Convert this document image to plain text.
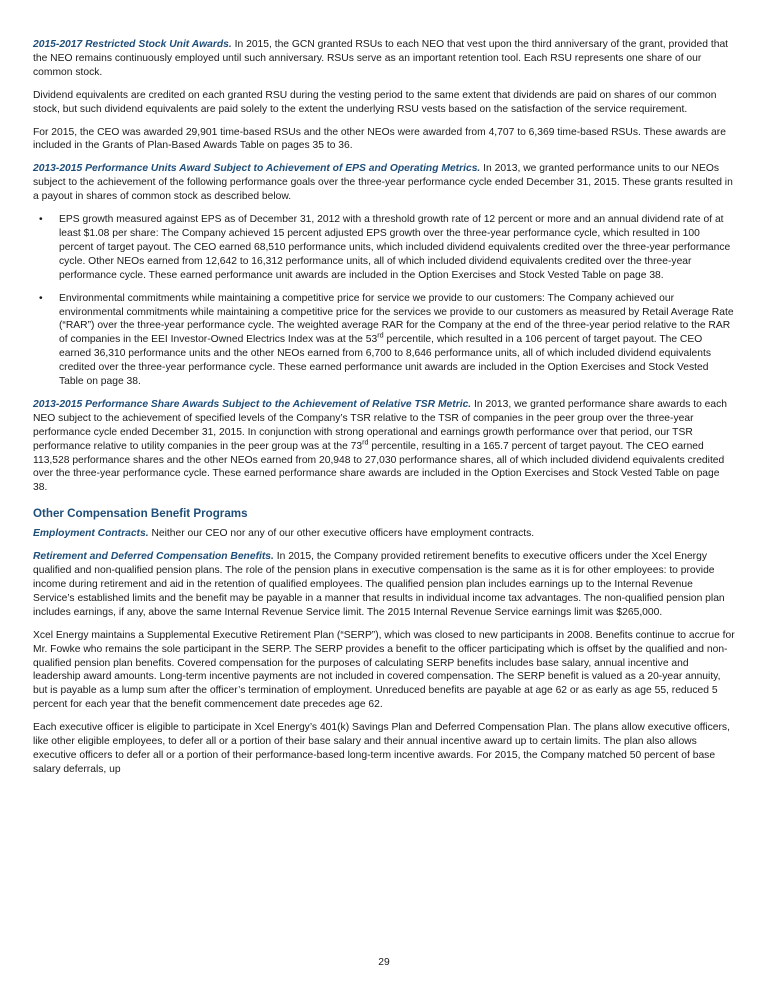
2015-2017 Restricted Stock Unit Awards. In 2015, the GCN granted RSUs to each NEO that vest upon the third anniversary of the grant, provided that the NEO remains continuously employed until such anniversary. RSUs serve as an important retention tool. Each RSU represents one share of our common stock.

Dividend equivalents are credited on each granted RSU during the vesting period to the same extent that dividends are paid on shares of our common stock, but such dividend equivalents are paid solely to the extent the underlying RSU vests based on the satisfaction of the service requirement.

For 2015, the CEO was awarded 29,901 time-based RSUs and the other NEOs were awarded from 4,707 to 6,369 time-based RSUs. These awards are included in the Grants of Plan-Based Awards Table on pages 35 to 36.

2013-2015 Performance Units Award Subject to Achievement of EPS and Operating Metrics. In 2013, we granted performance units to our NEOs subject to the achievement of the following performance goals over the three-year performance cycle ended December 31, 2015. These grants resulted in a payout in shares of common stock as described below.

• EPS growth measured against EPS as of December 31, 2012 with a threshold growth rate of 12 percent or more and an annual dividend rate of at least $1.08 per share: The Company achieved 15 percent adjusted EPS growth over the three-year performance cycle, which resulted in 100 percent of target payout. The CEO earned 68,510 performance units, which included dividend equivalents credited over the three-year performance cycle. Other NEOs earned from 12,642 to 16,312 performance units, all of which included dividend equivalents credited over the three-year performance cycle. These earned performance unit awards are included in the Option Exercises and Stock Vested Table on page 38.
• Environmental commitments while maintaining a competitive price for service we provide to our customers: The Company achieved our environmental commitments while maintaining a competitive price for the services we provide to our customers as measured by Retail Average Rate (“RAR”) over the three-year performance cycle. The weighted average RAR for the Company at the end of the three-year period relative to the RAR of companies in the EEI Investor-Owned Electrics Index was at the 53rd percentile, which resulted in a 106 percent of target payout. The CEO earned 36,310 performance units and the other NEOs earned from 6,700 to 8,646 performance units, all of which included dividend equivalents credited over the three-year performance cycle. These earned performance unit awards are included in the Option Exercises and Stock Vested Table on page 38.

2013-2015 Performance Share Awards Subject to the Achievement of Relative TSR Metric. In 2013, we granted performance share awards to each NEO subject to the achievement of specified levels of the Company’s TSR relative to the TSR of companies in the peer group over the three-year performance cycle ended December 31, 2015. In conjunction with strong operational and earnings growth performance over that period, our TSR performance relative to utility companies in the peer group was at the 73rd percentile, resulting in a 165.7 percent of target payout. The CEO earned 113,528 performance shares and the other NEOs earned from 20,948 to 27,030 performance shares, all of which included dividend equivalents credited over the three-year performance cycle. These earned performance share awards are included in the Option Exercises and Stock Vested Table on page 38.

Other Compensation Benefit Programs

Employment Contracts. Neither our CEO nor any of our other executive officers have employment contracts.

Retirement and Deferred Compensation Benefits. In 2015, the Company provided retirement benefits to executive officers under the Xcel Energy qualified and non-qualified pension plans. The role of the pension plans in executive compensation is the same as it is for other employees: to provide income during retirement and aid in the retention of qualified employees. The qualified pension plan includes earnings up to the Internal Revenue Service’s established limits and the benefit may be payable in a manner that results in individual income tax advantages. The non-qualified pension plan includes earnings, if any, above the same Internal Revenue Service limit. The 2015 Internal Revenue Service earnings limit was $265,000.

Xcel Energy maintains a Supplemental Executive Retirement Plan (“SERP”), which was closed to new participants in 2008. Benefits continue to accrue for Mr. Fowke who remains the sole participant in the SERP. The SERP provides a benefit to the officer participating which is offset by the qualified and non-qualified pension plan benefits. Covered compensation for the purposes of calculating SERP benefits includes base salary, annual incentive and leadership award amounts. Long-term incentive payments are not included in covered compensation. The SERP benefit is valued as a 20-year annuity, but is payable as a lump sum after the officer’s termination of employment. Unreduced benefits are payable at age 62 or as early as age 55, reduced 5 percent for each year that the benefit commencement date precedes age 62.

Each executive officer is eligible to participate in Xcel Energy’s 401(k) Savings Plan and Deferred Compensation Plan. The plans allow executive officers, like other eligible employees, to defer all or a portion of their base salary and their annual incentive award up to certain limits. The plan also allows executive officers to defer all or a portion of their performance-based long-term incentive awards. For 2015, the Company matched 50 percent of base salary deferrals, up

29
